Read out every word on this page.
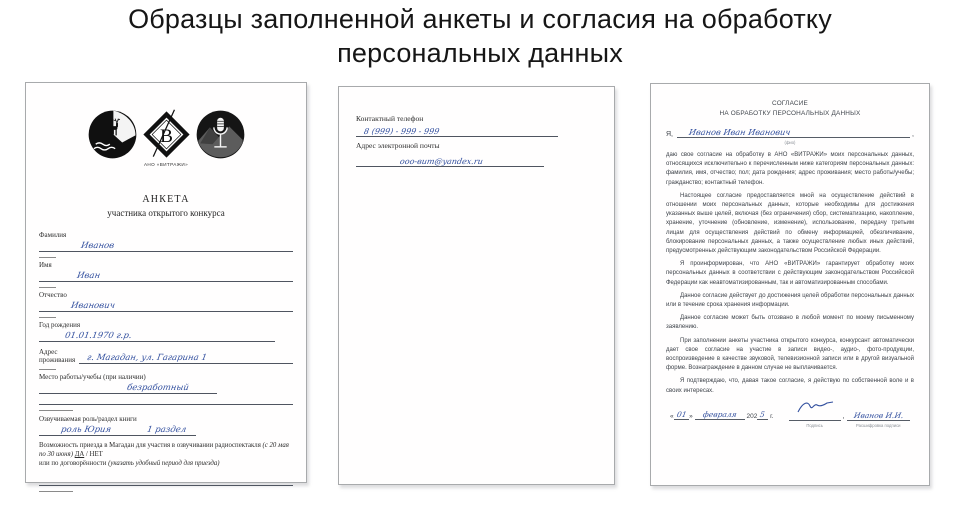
Образцы заполненной анкеты и согласия на обработку
персональных данных
В
АНО «ВИТРАЖИ»
АНКЕТА
участника открытого конкурса
Фамилия
Иванов
Имя
Иван
Отчество
Иванович
Год рождения
01.01.1970 г.р.
Адрес
проживания г. Магадан, ул. Гагарина 1
Место работы/учебы (при наличии)
безработный
Озвучиваемая роль/раздел книги
роль Юрия	1 раздел
Возможность приезда в Магадан для участия в озвучивании радиоспектакля (с 20 мая по 30 июня) ДА / НЕТ
или по договорённости (указать удобный период для приезда)
Контактный телефон
8 (999) - 999 - 999
Адрес электронной почты
ооо-вит@yandex.ru
СОГЛАСИЕ
НА ОБРАБОТКУ ПЕРСОНАЛЬНЫХ ДАННЫХ
Я, Иванов Иван Иванович	,
(фио)

даю свое согласие на обработку в АНО «ВИТРАЖИ» моих персональных данных, относящихся исключительно к перечисленным ниже категориям персональных данных: фамилия, имя, отчество; пол; дата рождения; адрес проживания; место работы/учебы; гражданство; контактный телефон.

Настоящее согласие предоставляется мной на осуществление действий в отношении моих персональных данных, которые необходимы для достижения указанных выше целей, включая (без ограничения) сбор, систематизацию, накопление, хранение, уточнение (обновление, изменение), использование, передачу третьим лицам для осуществления действий по обмену информацией, обезличивание, блокирование персональных данных, а также осуществление любых иных действий, предусмотренных действующим законодательством Российской Федерации.

Я проинформирован, что АНО «ВИТРАЖИ» гарантирует обработку моих персональных данных в соответствии с действующим законодательством Российской Федерации как неавтоматизированным, так и автоматизированным способами.

Данное согласие действует до достижения целей обработки персональных данных или в течение срока хранения информации.

Данное согласие может быть отозвано в любой момент по моему письменному заявлению.

При заполнении анкеты участника открытого конкурса, конкурсант автоматически дает свое согласие на участие в записи видео-, аудио-, фото-продукции, воспроизведение в качестве звуковой, телевизионной записи или в другой визуальной форме. Вознаграждение в данном случае не выплачивается.

Я подтверждаю, что, давая такое согласие, я действую по собственной воле и в своих интересах.

« 01 »	февраля	202 5 г.
Подпись
, Иванов И.И.
Расшифровка подписи
